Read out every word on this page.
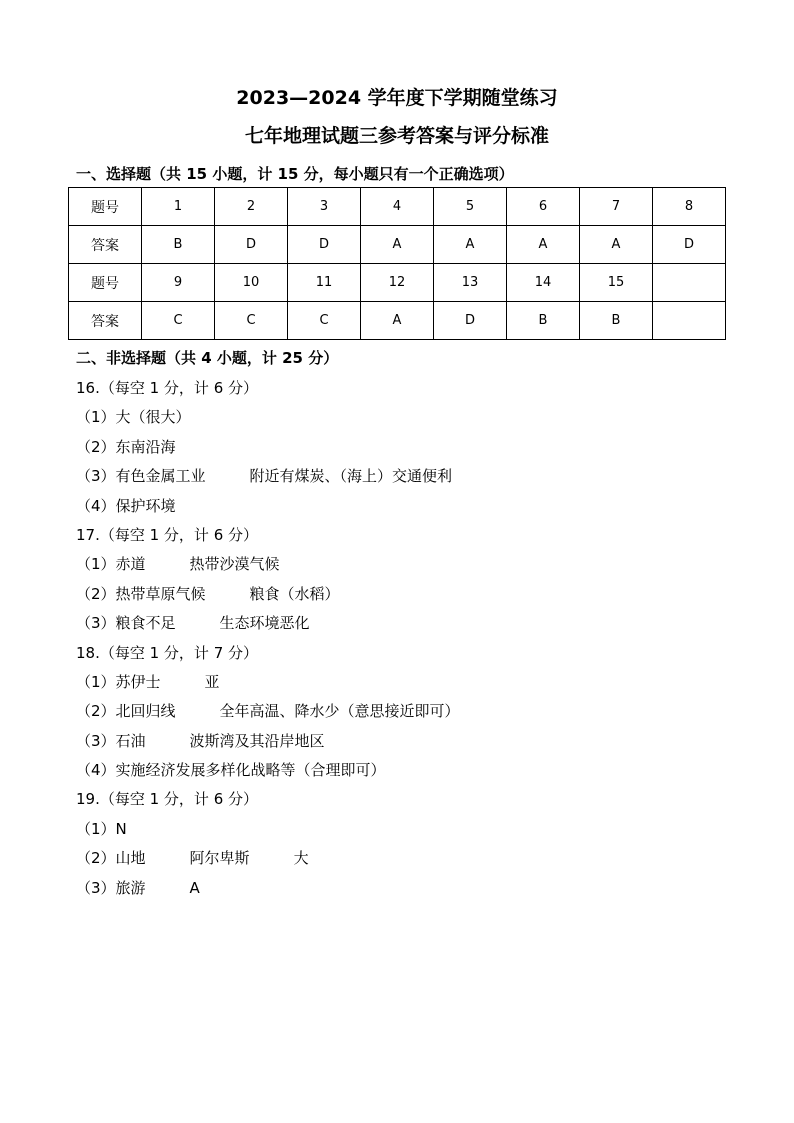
2023—2024 学年度下学期随堂练习
七年地理试题三参考答案与评分标准
一、选择题（共 15 小题，计 15 分，每小题只有一个正确选项）
题号	1	2	3	4	5	6	7	8
答案	B	D	D	A	A	A	A	D
题号	9	10	11	12	13	14	15	
答案	C	C	C	A	D	B	B	
二、非选择题（共 4 小题，计 25 分）
16.（每空 1 分，计 6 分）
（1）大（很大）
（2）东南沿海
（3）有色金属工业	附近有煤炭、（海上）交通便利
（4）保护环境
17.（每空 1 分，计 6 分）
（1）赤道	热带沙漠气候
（2）热带草原气候	粮食（水稻）
（3）粮食不足	生态环境恶化
18.（每空 1 分，计 7 分）
（1）苏伊士	亚
（2）北回归线	全年高温、降水少（意思接近即可）
（3）石油	波斯湾及其沿岸地区
（4）实施经济发展多样化战略等（合理即可）
19.（每空 1 分，计 6 分）
（1）N
（2）山地	阿尔卑斯	大
（3）旅游	A
